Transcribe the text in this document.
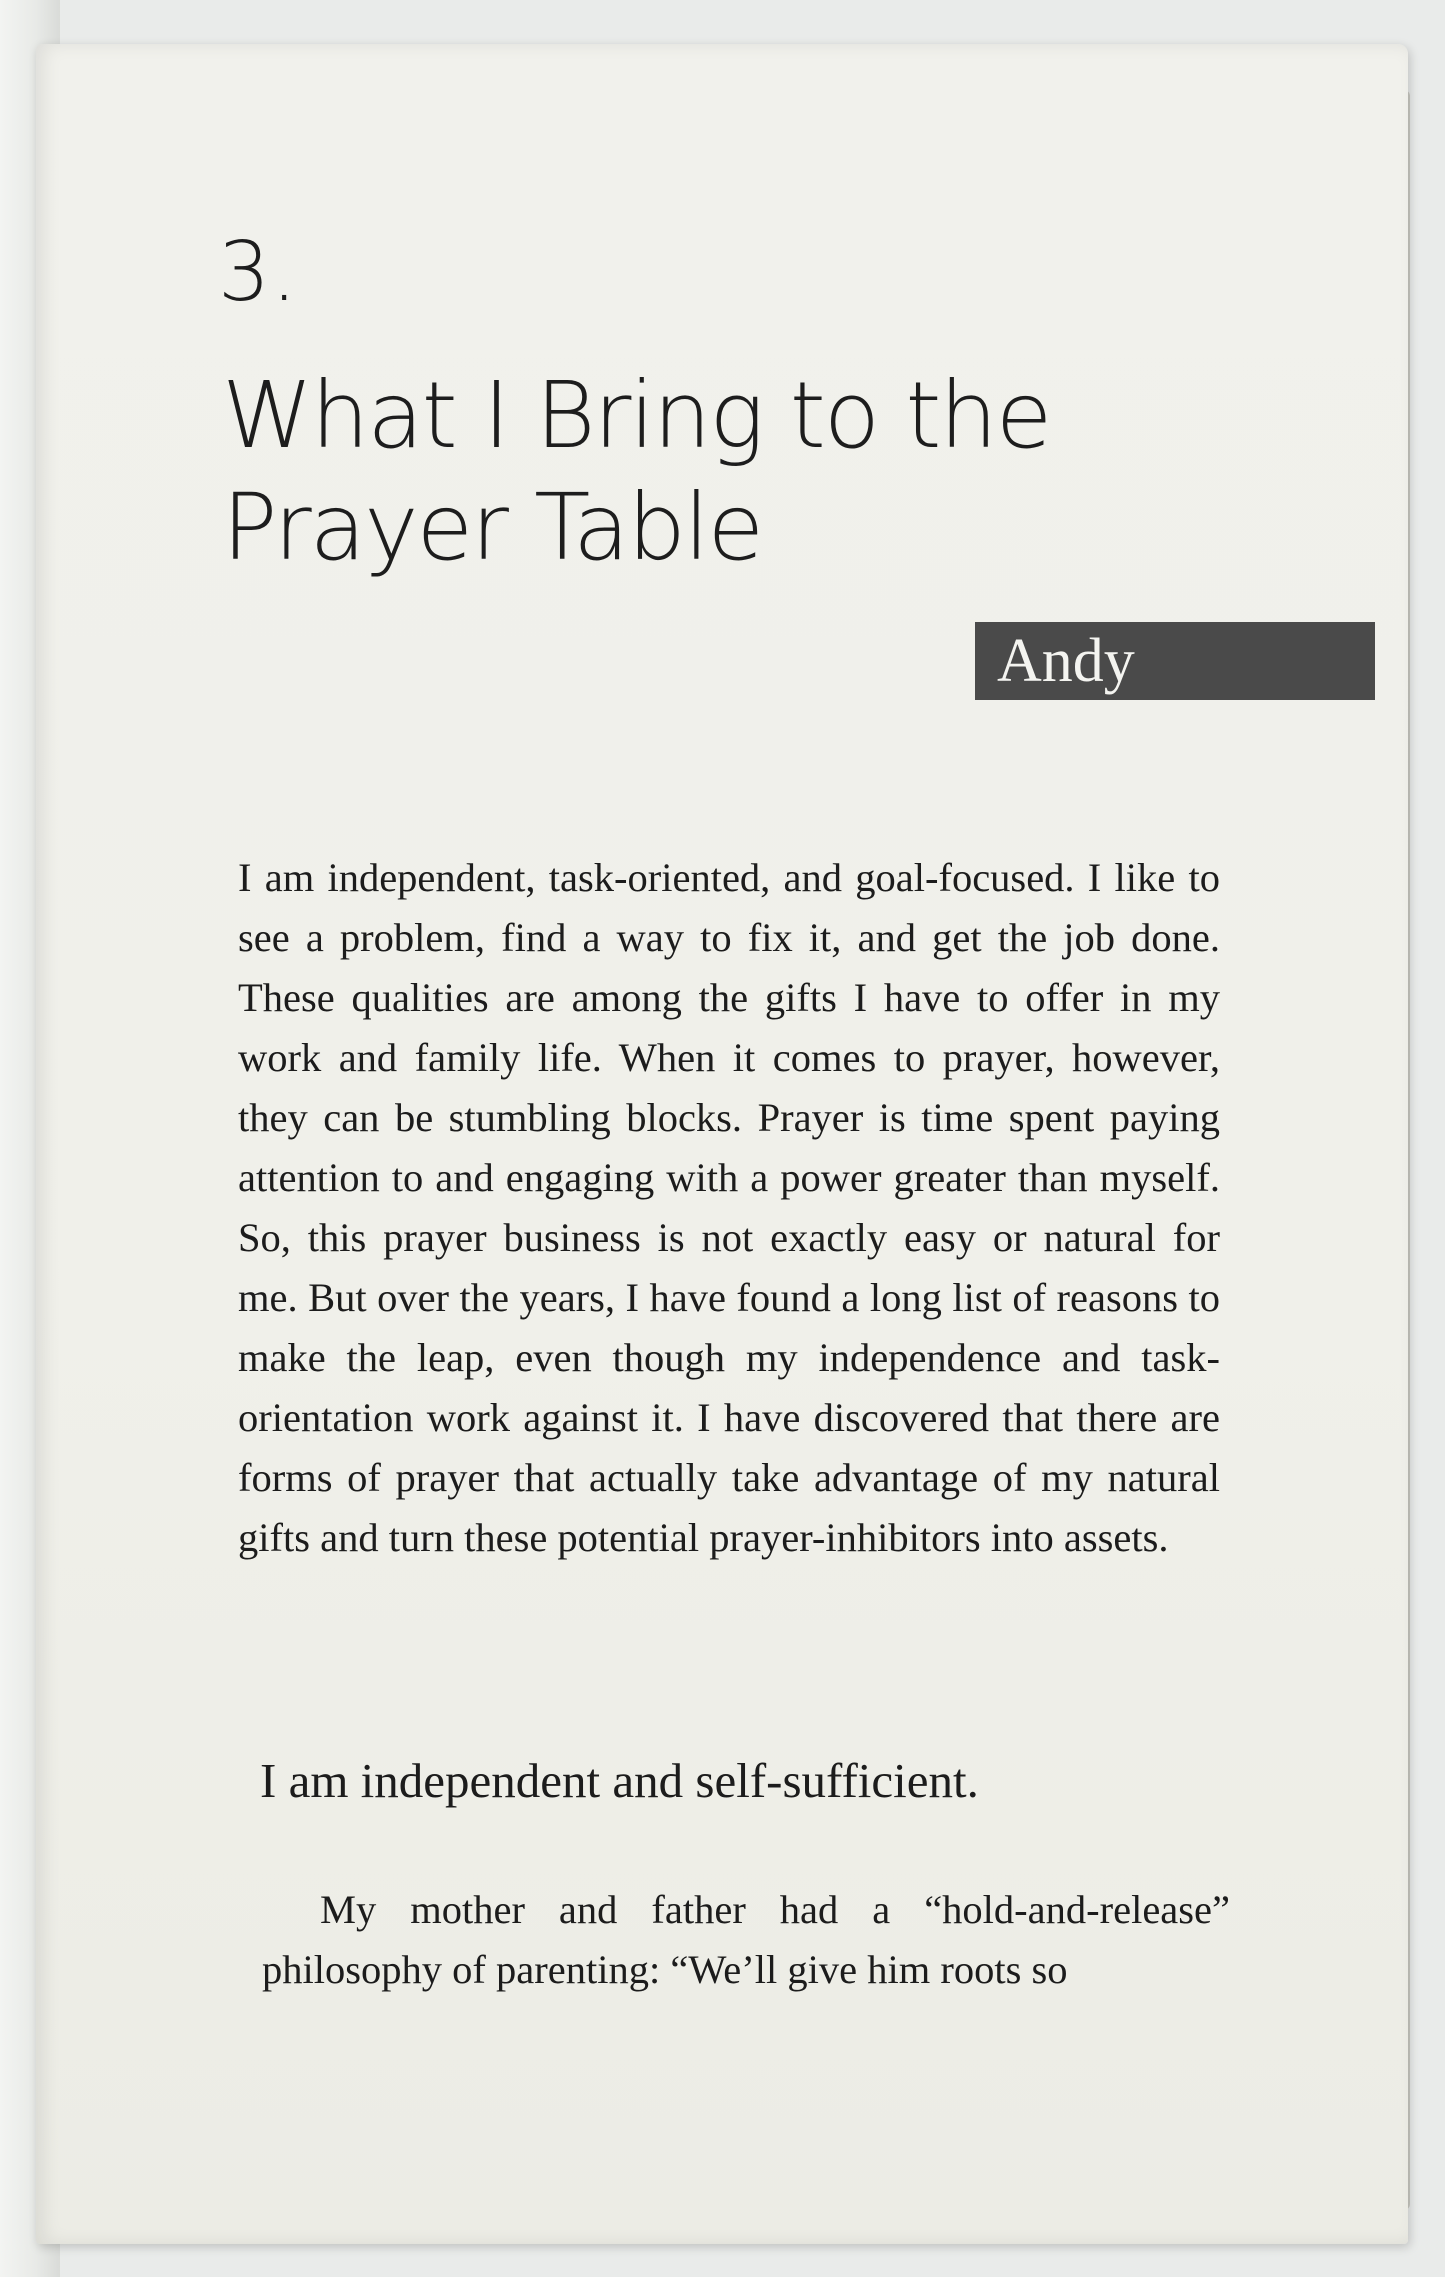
3.
What I Bring to the
Prayer Table
Andy

I am independent, task-oriented, and goal-focused. I like to see a problem, find a way to fix it, and get the job done. These qualities are among the gifts I have to offer in my work and family life. When it comes to prayer, however, they can be stumbling blocks. Prayer is time spent paying attention to and engaging with a power greater than myself. So, this prayer business is not exactly easy or natural for me. But over the years, I have found a long list of reasons to make the leap, even though my independence and task-orientation work against it. I have discovered that there are forms of prayer that actually take advantage of my natural gifts and turn these potential prayer-inhibitors into assets.

I am independent and self-sufficient.

My mother and father had a “hold-and-release” philosophy of parenting: “We’ll give him roots so
